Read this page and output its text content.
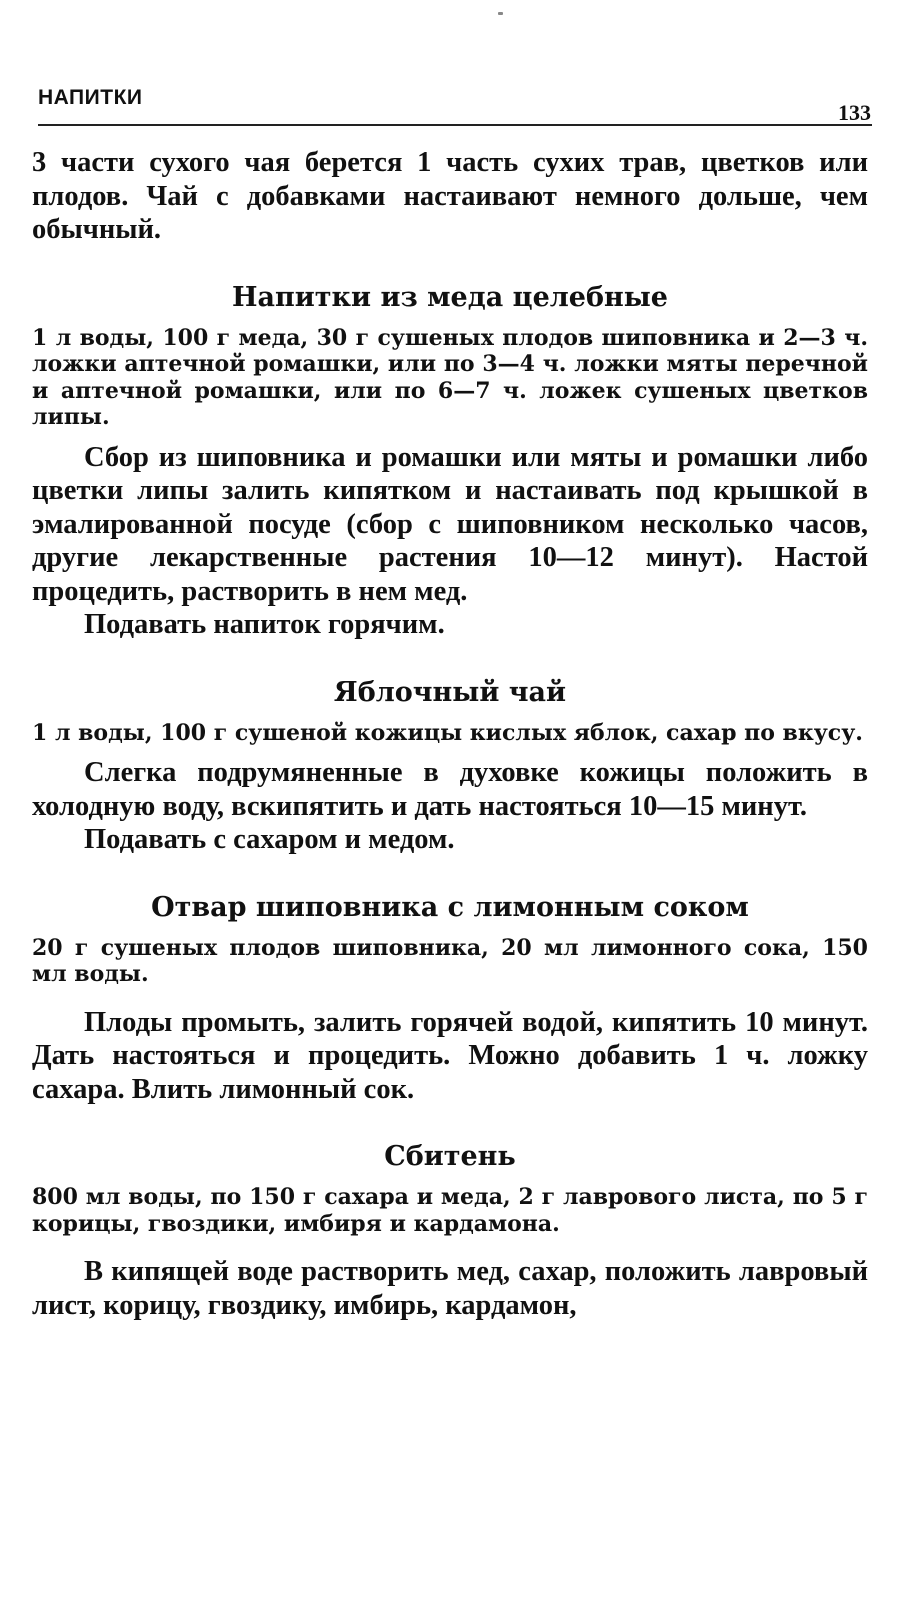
НАПИТКИ
133

3 части сухого чая берется 1 часть сухих трав, цветков или плодов. Чай с добавками настаивают немного дольше, чем обычный.

Напитки из меда целебные

1 л воды, 100 г меда, 30 г сушеных плодов шиповника и 2—3 ч. ложки аптечной ромашки, или по 3—4 ч. ложки мяты перечной и аптечной ромашки, или по 6—7 ч. ложек сушеных цветков липы.

Сбор из шиповника и ромашки или мяты и ромашки либо цветки липы залить кипятком и настаивать под крышкой в эмалированной посуде (сбор с шиповником несколько часов, другие лекарственные растения 10—12 минут). Настой процедить, растворить в нем мед.

Подавать напиток горячим.

Яблочный чай

1 л воды, 100 г сушеной кожицы кислых яблок, сахар по вкусу.

Слегка подрумяненные в духовке кожицы положить в холодную воду, вскипятить и дать настояться 10—15 минут.

Подавать с сахаром и медом.

Отвар шиповника с лимонным соком

20 г сушеных плодов шиповника, 20 мл лимонного сока, 150 мл воды.

Плоды промыть, залить горячей водой, кипятить 10 минут. Дать настояться и процедить. Можно добавить 1 ч. ложку сахара. Влить лимонный сок.

Сбитень

800 мл воды, по 150 г сахара и меда, 2 г лаврового листа, по 5 г корицы, гвоздики, имбиря и кардамона.

В кипящей воде растворить мед, сахар, положить лавровый лист, корицу, гвоздику, имбирь, кардамон,
